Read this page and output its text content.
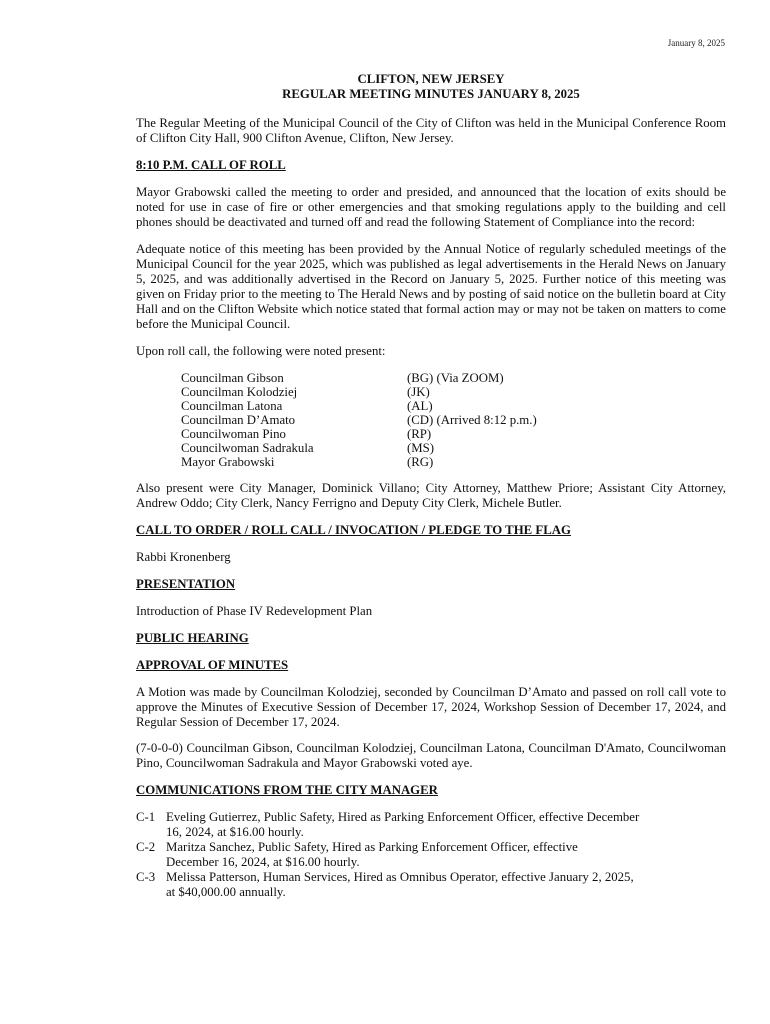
January 8, 2025
CLIFTON, NEW JERSEY
REGULAR MEETING MINUTES JANUARY 8, 2025

The Regular Meeting of the Municipal Council of the City of Clifton was held in the Municipal Conference Room of Clifton City Hall, 900 Clifton Avenue, Clifton, New Jersey.

8:10 P.M. CALL OF ROLL

Mayor Grabowski called the meeting to order and presided, and announced that the location of exits should be noted for use in case of fire or other emergencies and that smoking regulations apply to the building and cell phones should be deactivated and turned off and read the following Statement of Compliance into the record:

Adequate notice of this meeting has been provided by the Annual Notice of regularly scheduled meetings of the Municipal Council for the year 2025, which was published as legal advertisements in the Herald News on January 5, 2025, and was additionally advertised in the Record on January 5, 2025. Further notice of this meeting was given on Friday prior to the meeting to The Herald News and by posting of said notice on the bulletin board at City Hall and on the Clifton Website which notice stated that formal action may or may not be taken on matters to come before the Municipal Council.

Upon roll call, the following were noted present:

Councilman Gibson	(BG) (Via ZOOM)
Councilman Kolodziej	(JK)
Councilman Latona	(AL)
Councilman D’Amato	(CD) (Arrived 8:12 p.m.)
Councilwoman Pino	(RP)
Councilwoman Sadrakula	(MS)
Mayor Grabowski	(RG)

Also present were City Manager, Dominick Villano; City Attorney, Matthew Priore; Assistant City Attorney, Andrew Oddo; City Clerk, Nancy Ferrigno and Deputy City Clerk, Michele Butler.

CALL TO ORDER / ROLL CALL / INVOCATION / PLEDGE TO THE FLAG

Rabbi Kronenberg

PRESENTATION

Introduction of Phase IV Redevelopment Plan

PUBLIC HEARING
APPROVAL OF MINUTES

A Motion was made by Councilman Kolodziej, seconded by Councilman D’Amato and passed on roll call vote to approve the Minutes of Executive Session of December 17, 2024, Workshop Session of December 17, 2024, and Regular Session of December 17, 2024.

(7-0-0-0) Councilman Gibson, Councilman Kolodziej, Councilman Latona, Councilman D'Amato, Councilwoman Pino, Councilwoman Sadrakula and Mayor Grabowski voted aye.

COMMUNICATIONS FROM THE CITY MANAGER
C-1 Eveling Gutierrez, Public Safety, Hired as Parking Enforcement Officer, effective December
16, 2024, at $16.00 hourly.
C-2 Maritza Sanchez, Public Safety, Hired as Parking Enforcement Officer, effective
December 16, 2024, at $16.00 hourly.
C-3 Melissa Patterson, Human Services, Hired as Omnibus Operator, effective January 2, 2025,
at $40,000.00 annually.
